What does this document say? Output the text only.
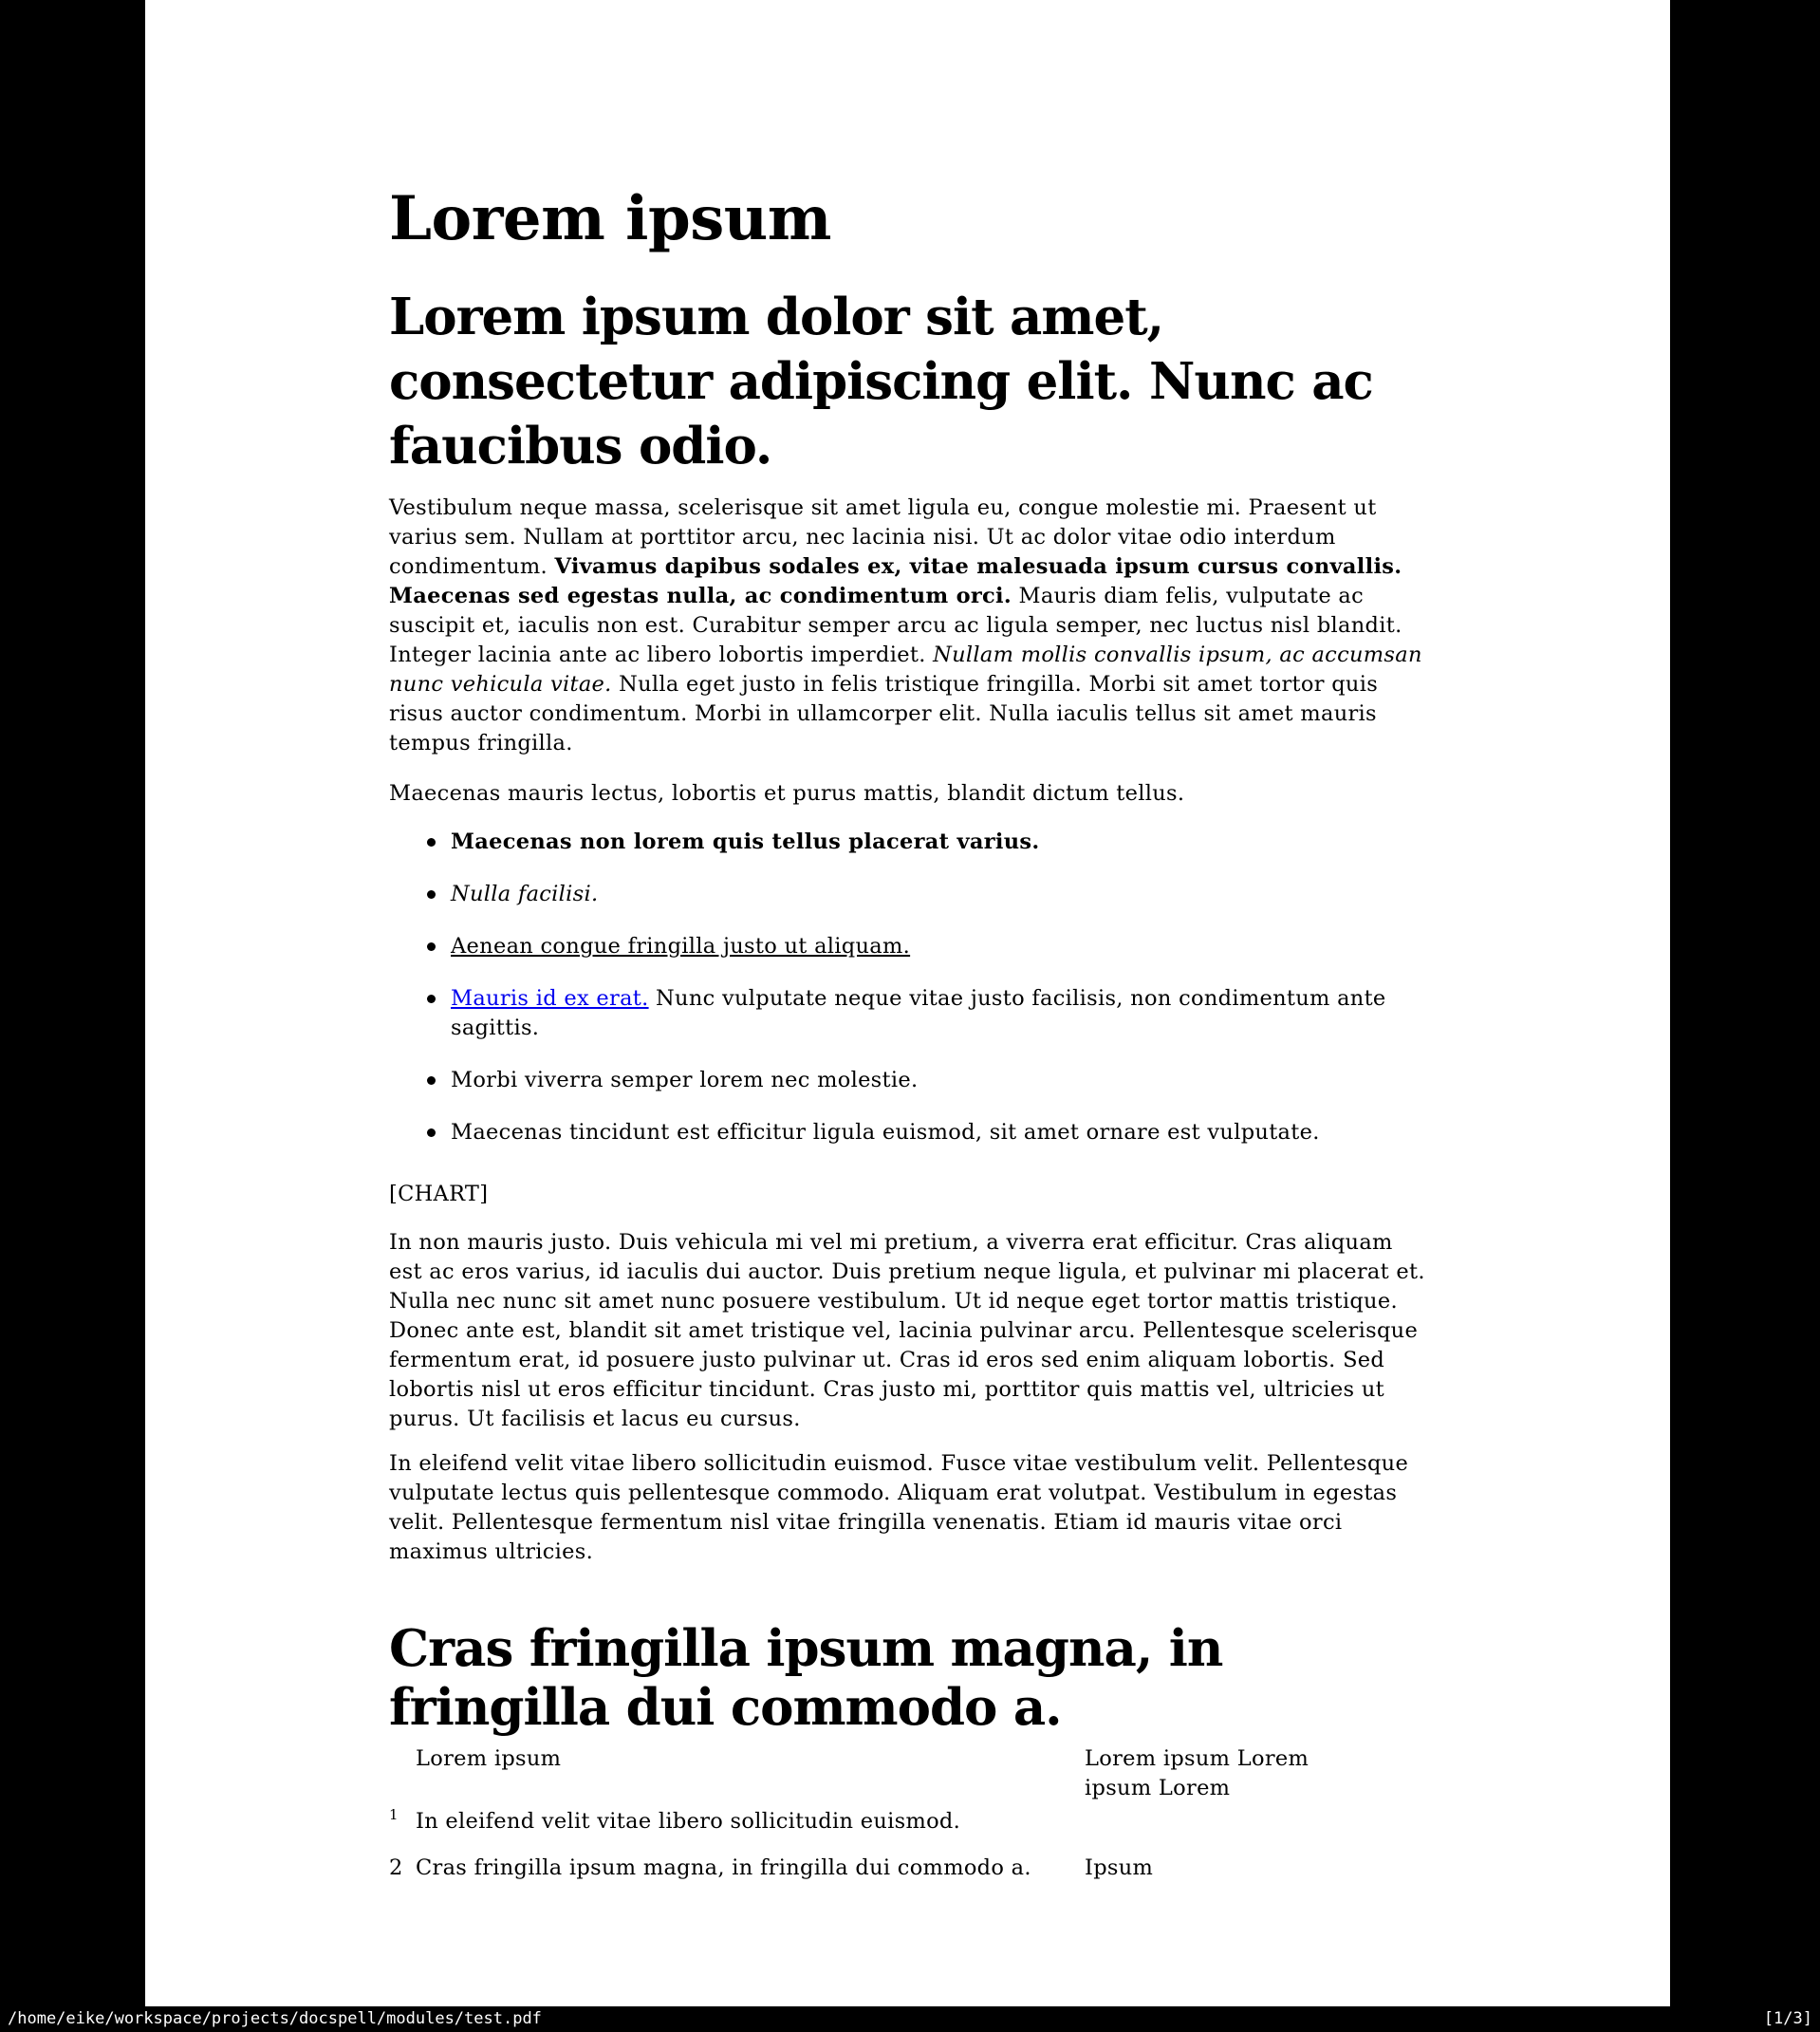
Lorem ipsum
Lorem ipsum dolor sit amet, consectetur adipiscing elit. Nunc ac faucibus odio.

Vestibulum neque massa, scelerisque sit amet ligula eu, congue molestie mi. Praesent ut varius sem. Nullam at porttitor arcu, nec lacinia nisi. Ut ac dolor vitae odio interdum condimentum. Vivamus dapibus sodales ex, vitae malesuada ipsum cursus convallis. Maecenas sed egestas nulla, ac condimentum orci. Mauris diam felis, vulputate ac suscipit et, iaculis non est. Curabitur semper arcu ac ligula semper, nec luctus nisl blandit. Integer lacinia ante ac libero lobortis imperdiet. Nullam mollis convallis ipsum, ac accumsan nunc vehicula vitae. Nulla eget justo in felis tristique fringilla. Morbi sit amet tortor quis risus auctor condimentum. Morbi in ullamcorper elit. Nulla iaculis tellus sit amet mauris tempus fringilla.

Maecenas mauris lectus, lobortis et purus mattis, blandit dictum tellus.

Maecenas non lorem quis tellus placerat varius.
Nulla facilisi.
Aenean congue fringilla justo ut aliquam.
Mauris id ex erat. Nunc vulputate neque vitae justo facilisis, non condimentum ante sagittis.
Morbi viverra semper lorem nec molestie.
Maecenas tincidunt est efficitur ligula euismod, sit amet ornare est vulputate.

[CHART]

In non mauris justo. Duis vehicula mi vel mi pretium, a viverra erat efficitur. Cras aliquam est ac eros varius, id iaculis dui auctor. Duis pretium neque ligula, et pulvinar mi placerat et. Nulla nec nunc sit amet nunc posuere vestibulum. Ut id neque eget tortor mattis tristique. Donec ante est, blandit sit amet tristique vel, lacinia pulvinar arcu. Pellentesque scelerisque fermentum erat, id posuere justo pulvinar ut. Cras id eros sed enim aliquam lobortis. Sed lobortis nisl ut eros efficitur tincidunt. Cras justo mi, porttitor quis mattis vel, ultricies ut purus. Ut facilisis et lacus eu cursus.

In eleifend velit vitae libero sollicitudin euismod. Fusce vitae vestibulum velit. Pellentesque vulputate lectus quis pellentesque commodo. Aliquam erat volutpat. Vestibulum in egestas velit. Pellentesque fermentum nisl vitae fringilla venenatis. Etiam id mauris vitae orci maximus ultricies.

Cras fringilla ipsum magna, in fringilla dui commodo a.
Lorem ipsum	Lorem ipsum Lorem ipsum Lorem
$^1$ In eleifend velit vitae libero sollicitudin euismod.
2 Cras fringilla ipsum magna, in fringilla dui commodo a.	Ipsum
/home/eike/workspace/projects/docspell/modules/test.pdf	[1/3]
